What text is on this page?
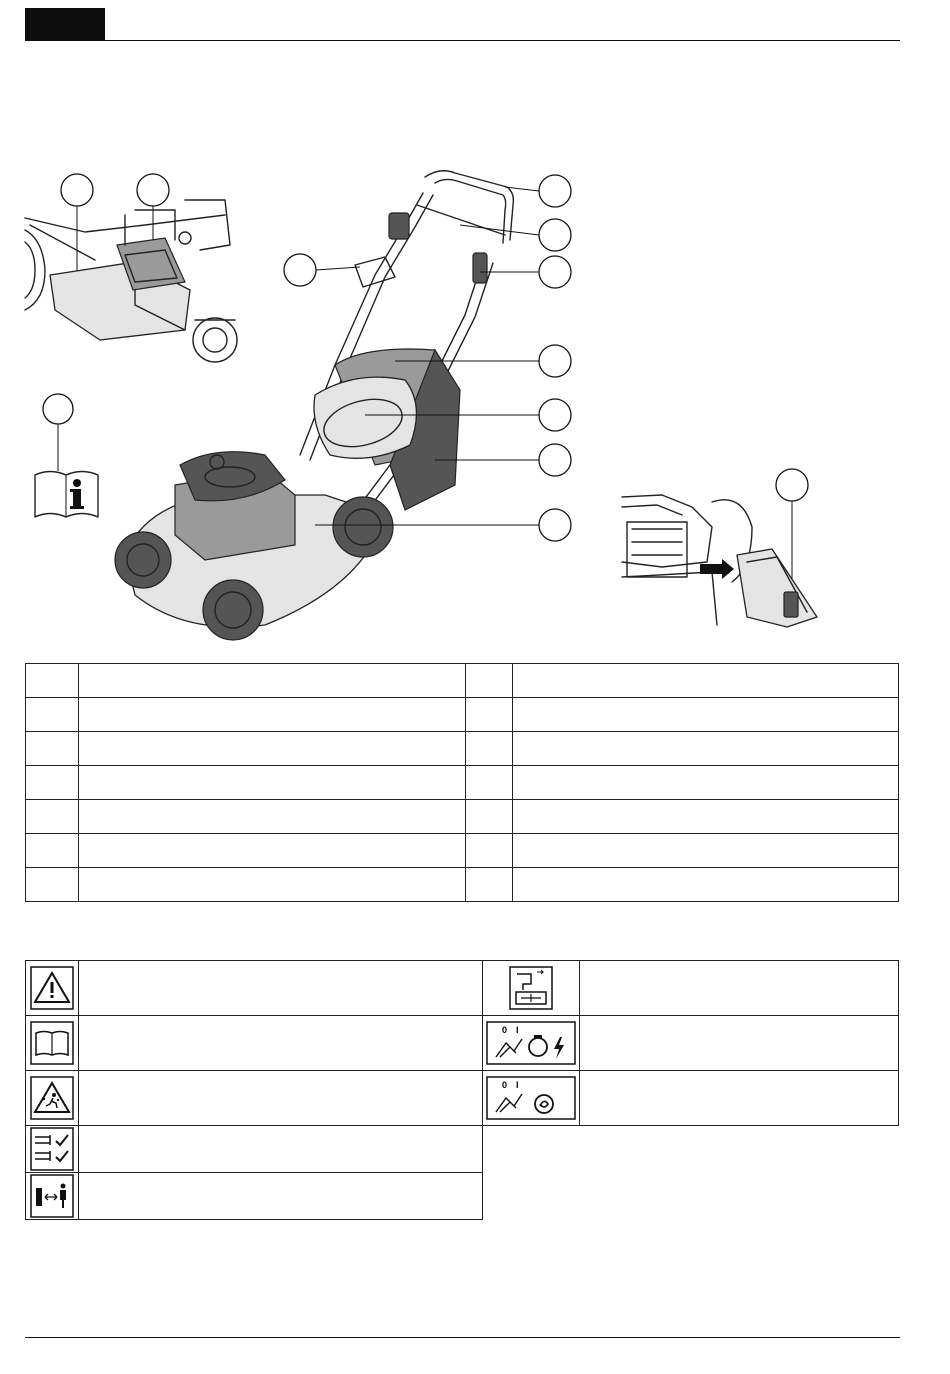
0 I	

0 I	
